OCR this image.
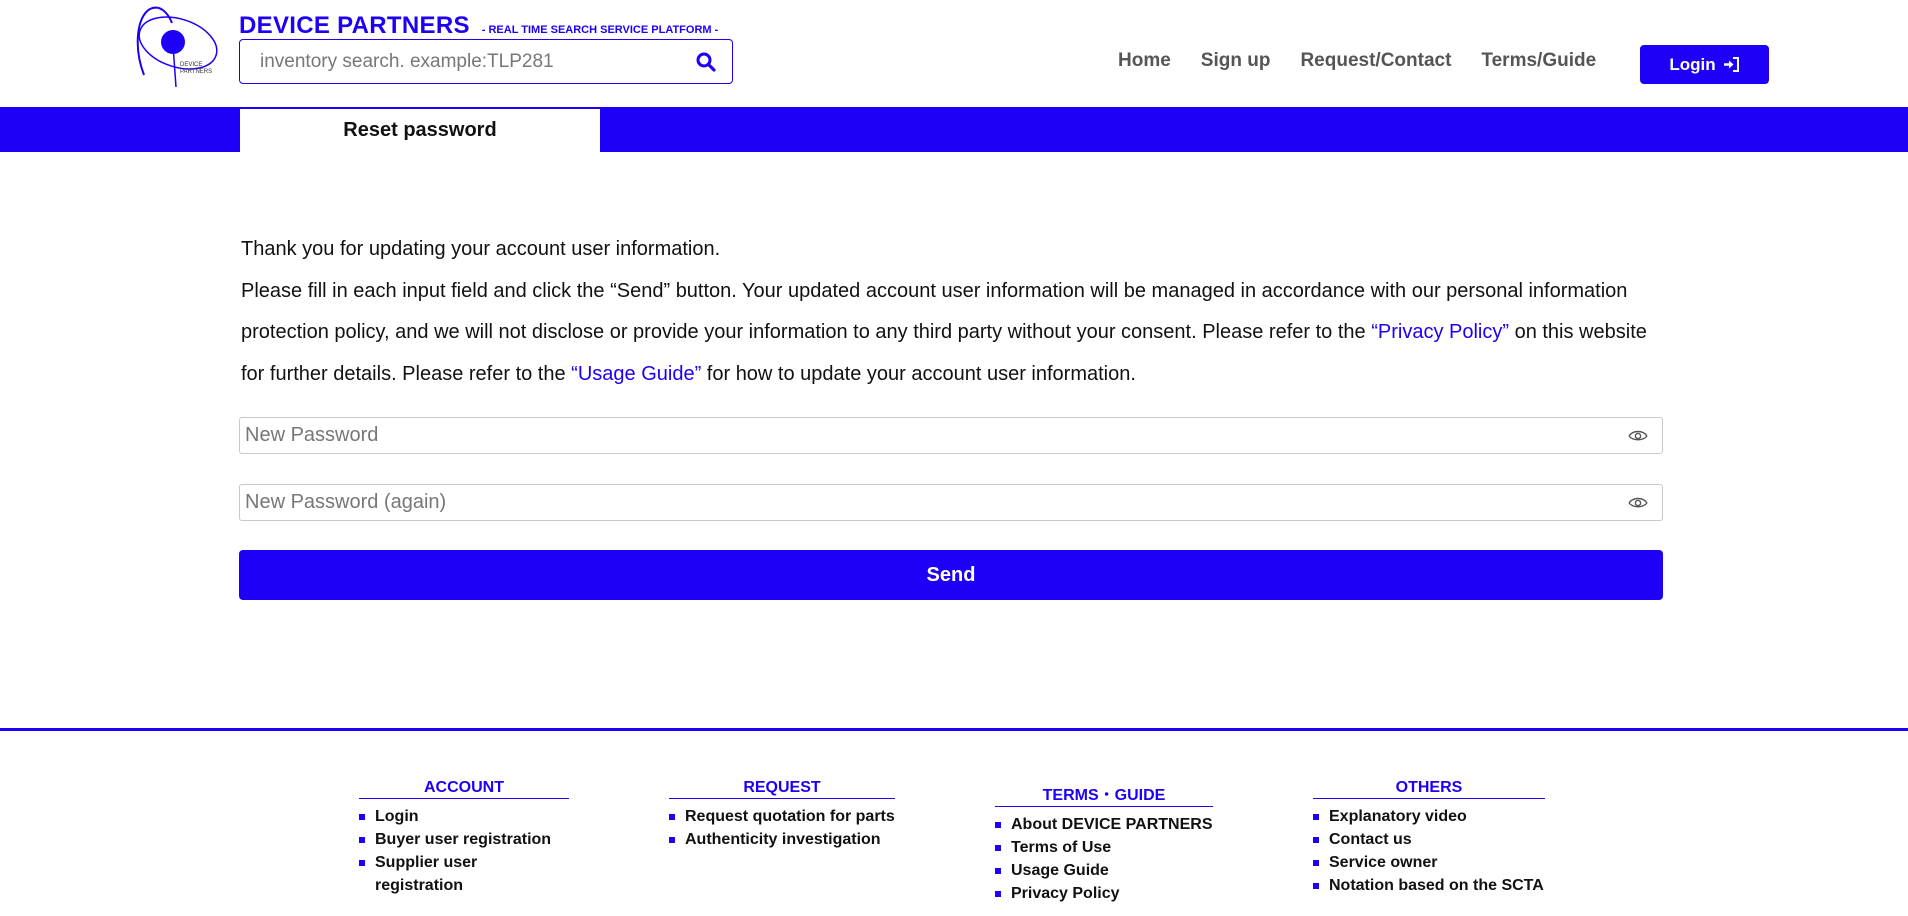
DEVICE PARTNERS
DEVICE PARTNERS - REAL TIME SEARCH SERVICE PLATFORM -
inventory search. example:TLP281
Home Sign up Request/Contact Terms/Guide	Login
Reset password
Thank you for updating your account user information.
Please fill in each input field and click the “Send” button. Your updated account user information will be managed in accordance with our personal information protection policy, and we will not disclose or provide your information to any third party without your consent. Please refer to the “Privacy Policy” on this website for further details. Please refer to the “Usage Guide” for how to update your account user information.
Send
ACCOUNT
Login
Buyer user registration
Supplier user registration
REQUEST
Request quotation for parts
Authenticity investigation
TERMS・GUIDE
About DEVICE PARTNERS
Terms of Use
Usage Guide
Privacy Policy
OTHERS
Explanatory video
Contact us
Service owner
Notation based on the SCTA
